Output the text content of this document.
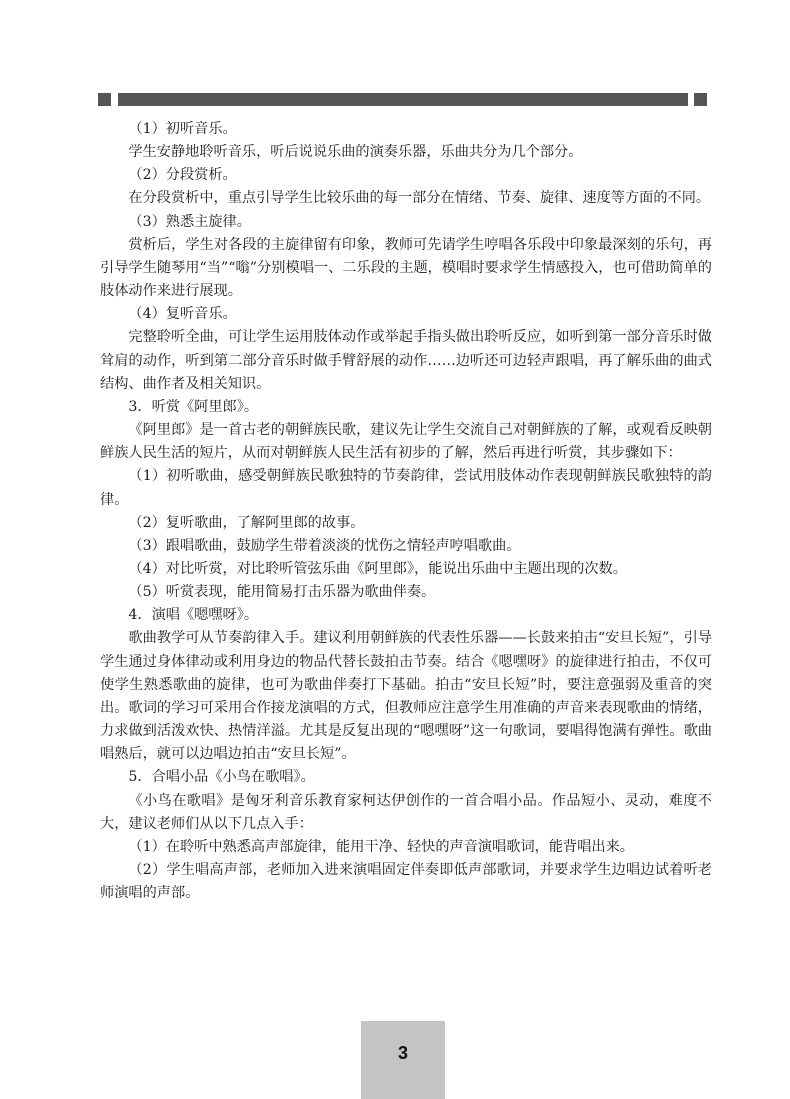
（1）初听音乐。

学生安静地聆听音乐，听后说说乐曲的演奏乐器，乐曲共分为几个部分。

（2）分段赏析。

在分段赏析中，重点引导学生比较乐曲的每一部分在情绪、节奏、旋律、速度等方面的不同。

（3）熟悉主旋律。

赏析后，学生对各段的主旋律留有印象，教师可先请学生哼唱各乐段中印象最深刻的乐句，再引导学生随琴用“当”“嗡”分别模唱一、二乐段的主题，模唱时要求学生情感投入，也可借助简单的肢体动作来进行展现。

（4）复听音乐。

完整聆听全曲，可让学生运用肢体动作或举起手指头做出聆听反应，如听到第一部分音乐时做耸肩的动作，听到第二部分音乐时做手臂舒展的动作……边听还可边轻声跟唱，再了解乐曲的曲式结构、曲作者及相关知识。

3．听赏《阿里郎》。

《阿里郎》是一首古老的朝鲜族民歌，建议先让学生交流自己对朝鲜族的了解，或观看反映朝鲜族人民生活的短片，从而对朝鲜族人民生活有初步的了解，然后再进行听赏，其步骤如下：

（1）初听歌曲，感受朝鲜族民歌独特的节奏韵律，尝试用肢体动作表现朝鲜族民歌独特的韵律。

（2）复听歌曲，了解阿里郎的故事。

（3）跟唱歌曲，鼓励学生带着淡淡的忧伤之情轻声哼唱歌曲。

（4）对比听赏，对比聆听管弦乐曲《阿里郎》，能说出乐曲中主题出现的次数。

（5）听赏表现，能用简易打击乐器为歌曲伴奏。

4．演唱《嗯嘿呀》。

歌曲教学可从节奏韵律入手。建议利用朝鲜族的代表性乐器——长鼓来拍击“安旦长短”，引导学生通过身体律动或利用身边的物品代替长鼓拍击节奏。结合《嗯嘿呀》的旋律进行拍击，不仅可使学生熟悉歌曲的旋律，也可为歌曲伴奏打下基础。拍击“安旦长短”时，要注意强弱及重音的突出。歌词的学习可采用合作接龙演唱的方式，但教师应注意学生用准确的声音来表现歌曲的情绪，力求做到活泼欢快、热情洋溢。尤其是反复出现的“嗯嘿呀”这一句歌词，要唱得饱满有弹性。歌曲唱熟后，就可以边唱边拍击“安旦长短”。

5．合唱小品《小鸟在歌唱》。

《小鸟在歌唱》是匈牙利音乐教育家柯达伊创作的一首合唱小品。作品短小、灵动，难度不大，建议老师们从以下几点入手：

（1）在聆听中熟悉高声部旋律，能用干净、轻快的声音演唱歌词，能背唱出来。

（2）学生唱高声部，老师加入进来演唱固定伴奏即低声部歌词，并要求学生边唱边试着听老师演唱的声部。

3
